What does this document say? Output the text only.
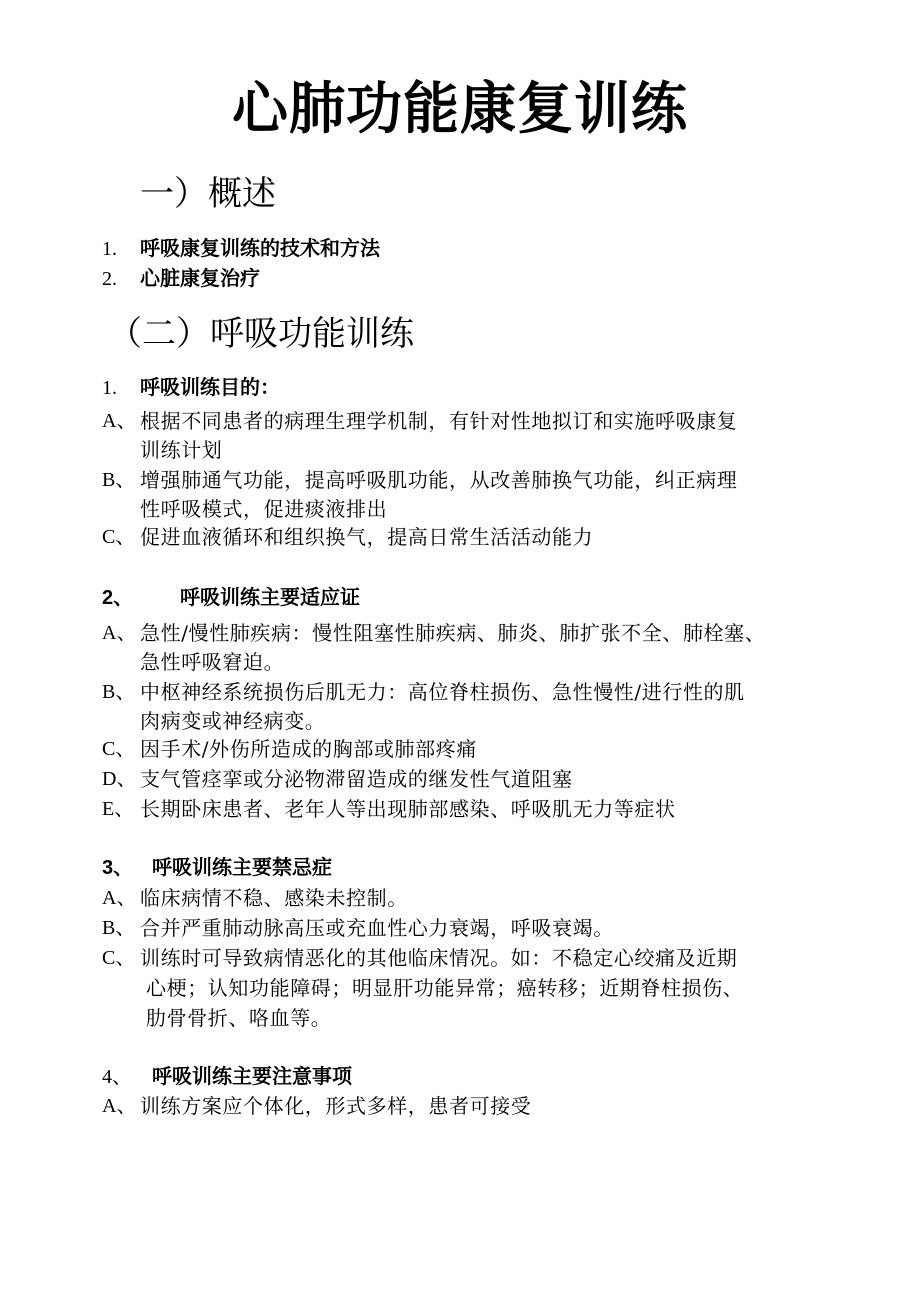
心肺功能康复训练
一）概述
1. 呼吸康复训练的技术和方法
2. 心脏康复治疗
（二）呼吸功能训练
1. 呼吸训练目的：
A、 根据不同患者的病理生理学机制，有针对性地拟订和实施呼吸康复
训练计划
B、 增强肺通气功能，提高呼吸肌功能，从改善肺换气功能，纠正病理
性呼吸模式，促进痰液排出
C、 促进血液循环和组织换气，提高日常生活活动能力
2、 呼吸训练主要适应证
A、 急性/慢性肺疾病：慢性阻塞性肺疾病、肺炎、肺扩张不全、肺栓塞、
急性呼吸窘迫。
B、 中枢神经系统损伤后肌无力：高位脊柱损伤、急性慢性/进行性的肌
肉病变或神经病变。
C、 因手术/外伤所造成的胸部或肺部疼痛
D、 支气管痉挛或分泌物滞留造成的继发性气道阻塞
E、 长期卧床患者、老年人等出现肺部感染、呼吸肌无力等症状
3、 呼吸训练主要禁忌症
A、 临床病情不稳、感染未控制。
B、 合并严重肺动脉高压或充血性心力衰竭，呼吸衰竭。
C、 训练时可导致病情恶化的其他临床情况。如：不稳定心绞痛及近期
心梗；认知功能障碍；明显肝功能异常；癌转移；近期脊柱损伤、
肋骨骨折、咯血等。
4、 呼吸训练主要注意事项
A、 训练方案应个体化，形式多样，患者可接受
